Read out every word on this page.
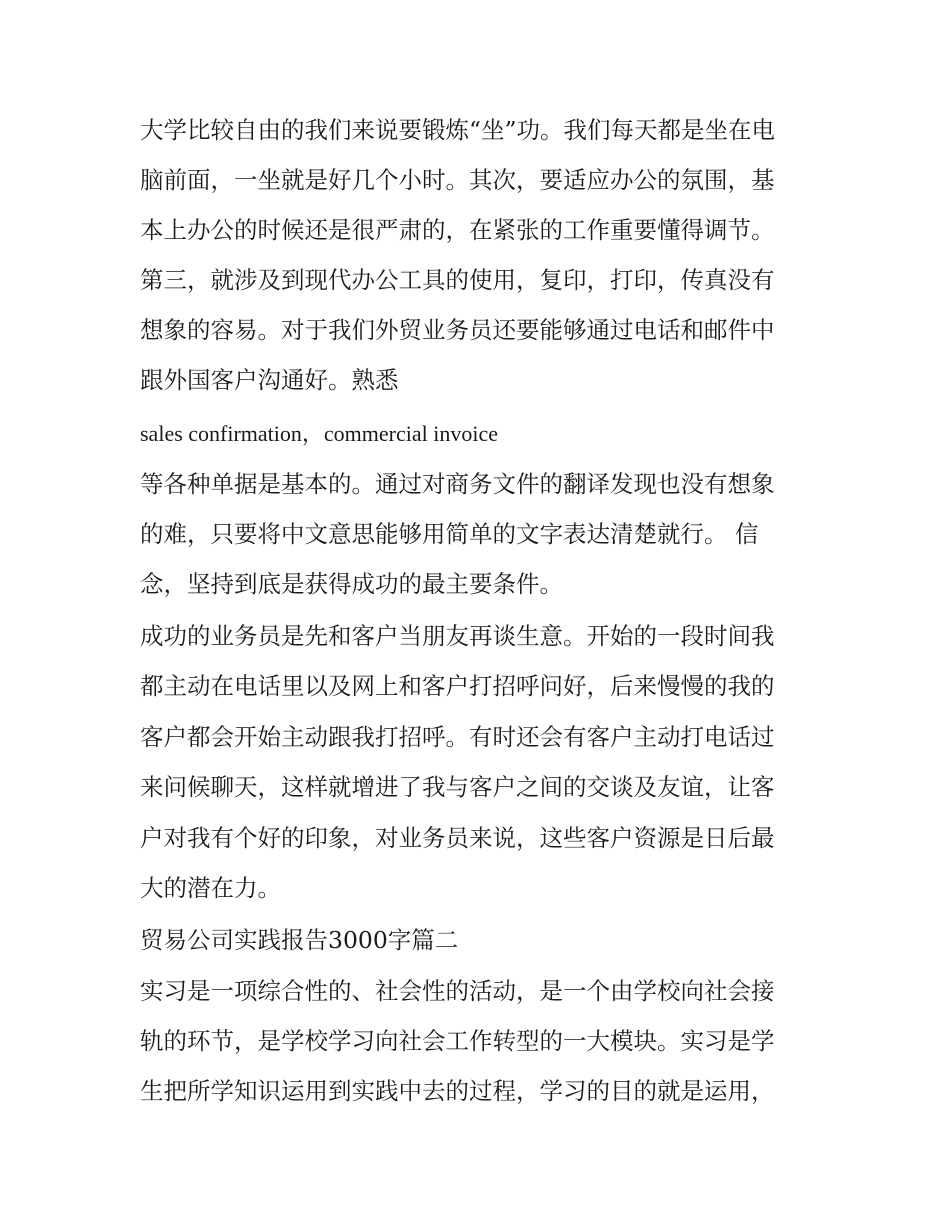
大学比较自由的我们来说要锻炼“坐”功。我们每天都是坐在电
脑前面，一坐就是好几个小时。其次，要适应办公的氛围，基
本上办公的时候还是很严肃的，在紧张的工作重要懂得调节。
第三，就涉及到现代办公工具的使用，复印，打印，传真没有
想象的容易。对于我们外贸业务员还要能够通过电话和邮件中
跟外国客户沟通好。熟悉
sales confirmation，commercial invoice
等各种单据是基本的。通过对商务文件的翻译发现也没有想象
的难，只要将中文意思能够用简单的文字表达清楚就行。 信
念，坚持到底是获得成功的最主要条件。
成功的业务员是先和客户当朋友再谈生意。开始的一段时间我
都主动在电话里以及网上和客户打招呼问好，后来慢慢的我的
客户都会开始主动跟我打招呼。有时还会有客户主动打电话过
来问候聊天，这样就增进了我与客户之间的交谈及友谊，让客
户对我有个好的印象，对业务员来说，这些客户资源是日后最
大的潜在力。
贸易公司实践报告3000字篇二
实习是一项综合性的、社会性的活动，是一个由学校向社会接
轨的环节，是学校学习向社会工作转型的一大模块。实习是学
生把所学知识运用到实践中去的过程，学习的目的就是运用，
